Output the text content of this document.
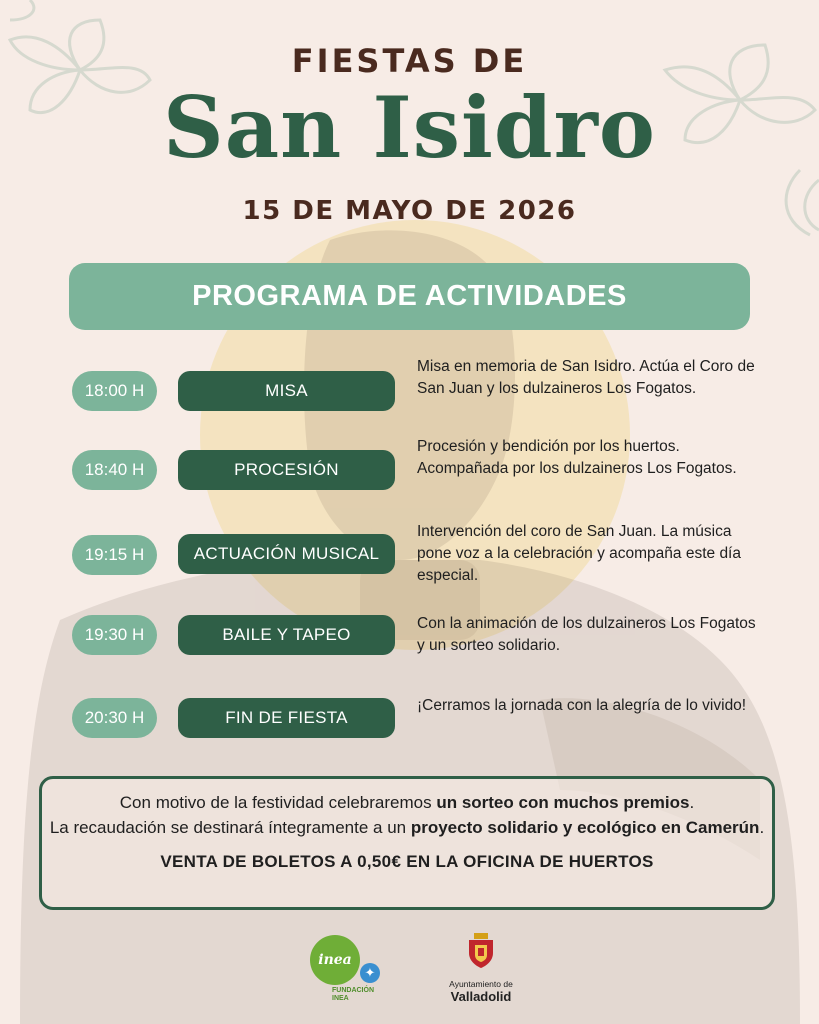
FIESTAS DE
San Isidro
15 DE MAYO DE 2026
PROGRAMA DE ACTIVIDADES
18:00 H	MISA
Misa en memoria de San Isidro. Actúa el Coro de San Juan y los dulzaineros Los Fogatos.
18:40 H	PROCESIÓN
Procesión y bendición por los huertos. Acompañada por los dulzaineros Los Fogatos.
19:15 H	ACTUACIÓN MUSICAL
Intervención del coro de San Juan. La música pone voz a la celebración y acompaña este día especial.
19:30 H	BAILE Y TAPEO
Con la animación de los dulzaineros Los Fogatos y un sorteo solidario.
20:30 H	FIN DE FIESTA
¡Cerramos la jornada con la alegría de lo vivido!
Con motivo de la festividad celebraremos un sorteo con muchos premios.
La recaudación se destinará íntegramente a un proyecto solidario y ecológico en Camerún.
VENTA DE BOLETOS A 0,50€ EN LA OFICINA DE HUERTOS
inea
✦
FUNDACIÓN
INEA
Ayuntamiento de
Valladolid
